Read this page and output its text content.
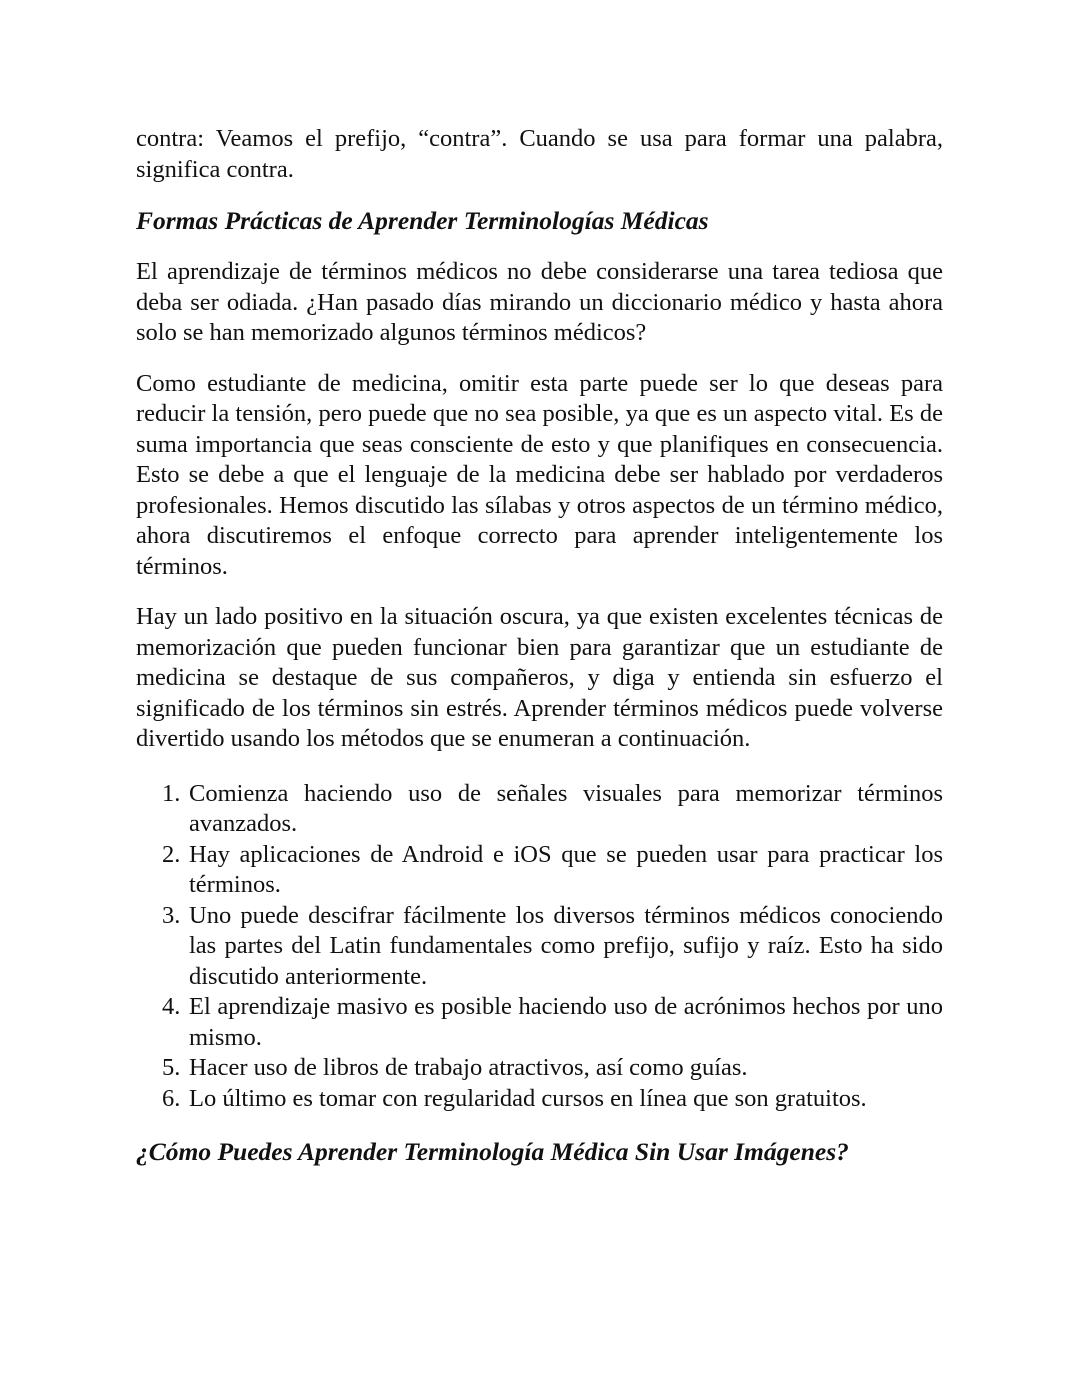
contra: Veamos el prefijo, “contra”. Cuando se usa para formar una palabra, significa contra.

Formas Prácticas de Aprender Terminologías Médicas

El aprendizaje de términos médicos no debe considerarse una tarea tediosa que deba ser odiada. ¿Han pasado días mirando un diccionario médico y hasta ahora solo se han memorizado algunos términos médicos?

Como estudiante de medicina, omitir esta parte puede ser lo que deseas para reducir la tensión, pero puede que no sea posible, ya que es un aspecto vital. Es de suma importancia que seas consciente de esto y que planifiques en consecuencia. Esto se debe a que el lenguaje de la medicina debe ser hablado por verdaderos profesionales. Hemos discutido las sílabas y otros aspectos de un término médico, ahora discutiremos el enfoque correcto para aprender inteligentemente los términos.

Hay un lado positivo en la situación oscura, ya que existen excelentes técnicas de memorización que pueden funcionar bien para garantizar que un estudiante de medicina se destaque de sus compañeros, y diga y entienda sin esfuerzo el significado de los términos sin estrés. Aprender términos médicos puede volverse divertido usando los métodos que se enumeran a continuación.

1. Comienza haciendo uso de señales visuales para memorizar términos avanzados.
2. Hay aplicaciones de Android e iOS que se pueden usar para practicar los términos.
3. Uno puede descifrar fácilmente los diversos términos médicos conociendo las partes del Latin fundamentales como prefijo, sufijo y raíz. Esto ha sido discutido anteriormente.
4. El aprendizaje masivo es posible haciendo uso de acrónimos hechos por uno mismo.
5. Hacer uso de libros de trabajo atractivos, así como guías.
6. Lo último es tomar con regularidad cursos en línea que son gratuitos.
¿Cómo Puedes Aprender Terminología Médica Sin Usar Imágenes?
